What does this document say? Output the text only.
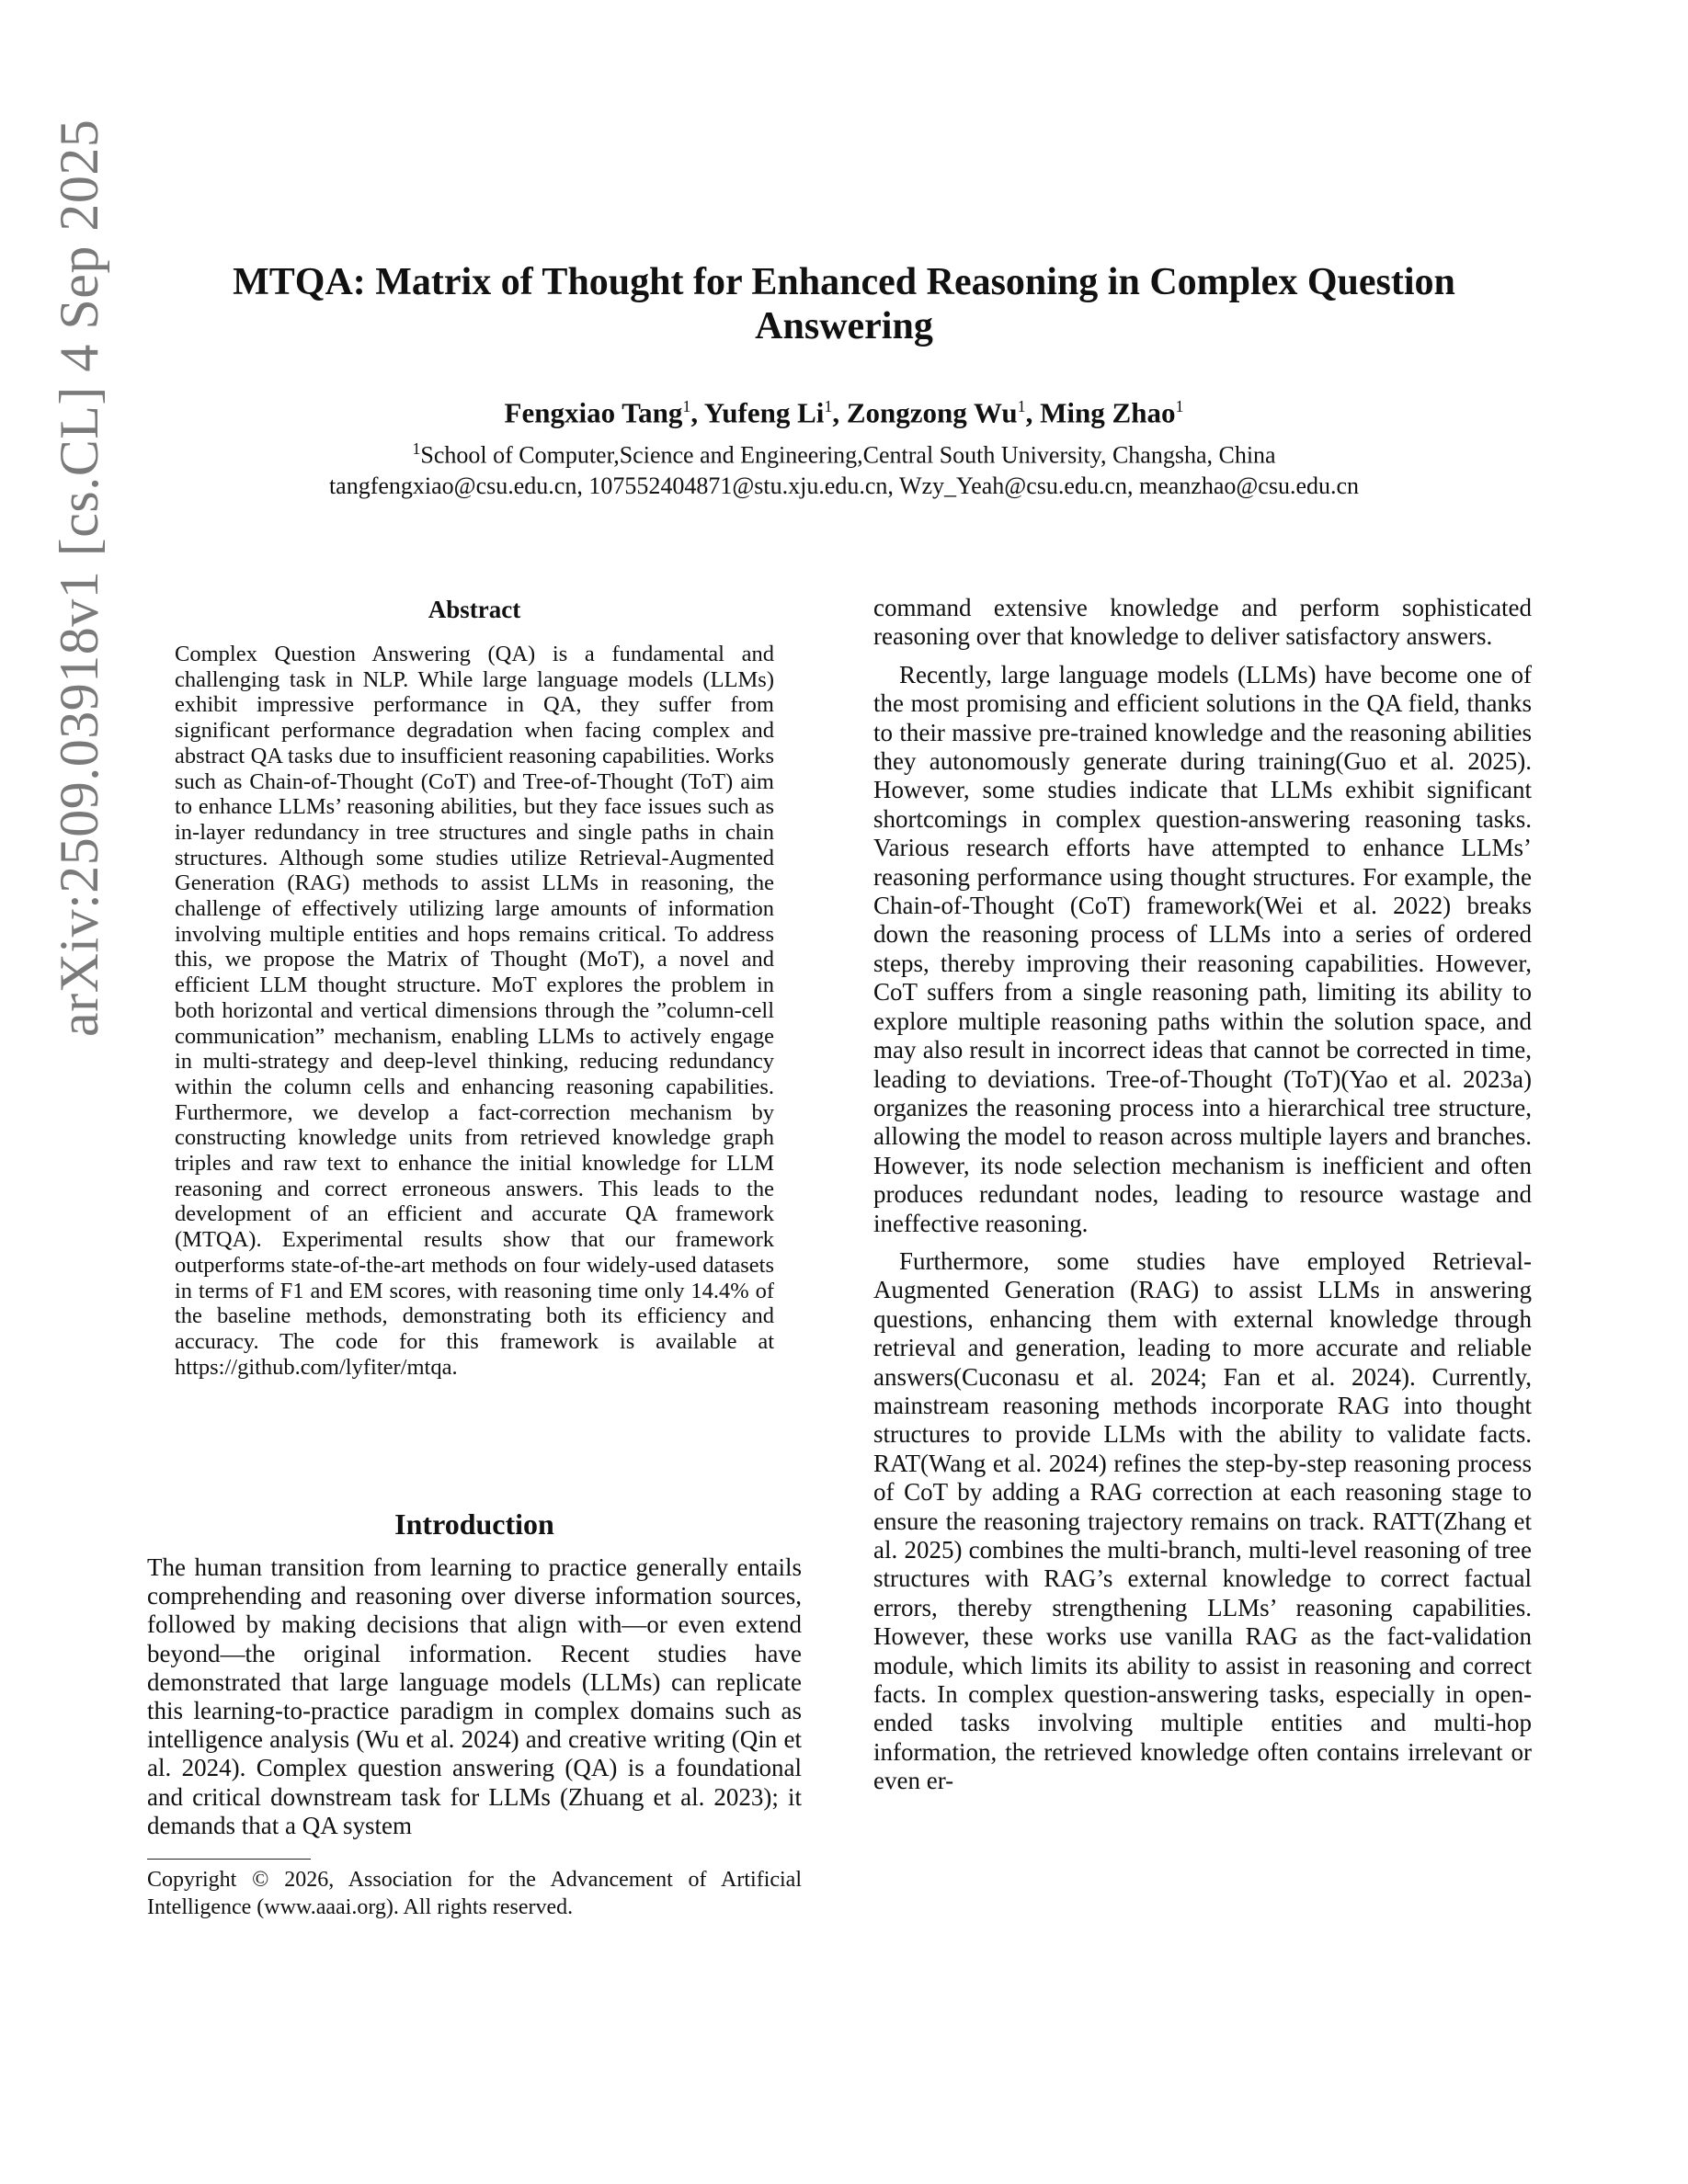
arXiv:2509.03918v1 [cs.CL] 4 Sep 2025	MTQA: Matrix of Thought for Enhanced Reasoning in Complex Question Answering
Fengxiao Tang$^1$, Yufeng Li$^1$, Zongzong Wu$^1$, Ming Zhao$^1$
$^1$School of Computer,Science and Engineering,Central South University, Changsha, China
tangfengxiao@csu.edu.cn, 107552404871@stu.xju.edu.cn, Wzy_Yeah@csu.edu.cn, meanzhao@csu.edu.cn
Abstract

Complex Question Answering (QA) is a fundamental and challenging task in NLP. While large language models (LLMs) exhibit impressive performance in QA, they suffer from significant performance degradation when facing complex and abstract QA tasks due to insufficient reasoning capabilities. Works such as Chain-of-Thought (CoT) and Tree-of-Thought (ToT) aim to enhance LLMs’ reasoning abilities, but they face issues such as in-layer redundancy in tree structures and single paths in chain structures. Although some studies utilize Retrieval-Augmented Generation (RAG) methods to assist LLMs in reasoning, the challenge of effectively utilizing large amounts of information involving multiple entities and hops remains critical. To address this, we propose the Matrix of Thought (MoT), a novel and efficient LLM thought structure. MoT explores the problem in both horizontal and vertical dimensions through the ”column-cell communication” mechanism, enabling LLMs to actively engage in multi-strategy and deep-level thinking, reducing redundancy within the column cells and enhancing reasoning capabilities. Furthermore, we develop a fact-correction mechanism by constructing knowledge units from retrieved knowledge graph triples and raw text to enhance the initial knowledge for LLM reasoning and correct erroneous answers. This leads to the development of an efficient and accurate QA framework (MTQA). Experimental results show that our framework outperforms state-of-the-art methods on four widely-used datasets in terms of F1 and EM scores, with reasoning time only 14.4% of the baseline methods, demonstrating both its efficiency and accuracy. The code for this framework is available at https://github.com/lyfiter/mtqa.

Introduction

The human transition from learning to practice generally entails comprehending and reasoning over diverse information sources, followed by making decisions that align with—or even extend beyond—the original information. Recent studies have demonstrated that large language models (LLMs) can replicate this learning-to-practice paradigm in complex domains such as intelligence analysis (Wu et al. 2024) and creative writing (Qin et al. 2024). Complex question answering (QA) is a foundational and critical downstream task for LLMs (Zhuang et al. 2023); it demands that a QA system

Copyright © 2026, Association for the Advancement of Artificial Intelligence (www.aaai.org). All rights reserved.

command extensive knowledge and perform sophisticated reasoning over that knowledge to deliver satisfactory answers.

Recently, large language models (LLMs) have become one of the most promising and efficient solutions in the QA field, thanks to their massive pre-trained knowledge and the reasoning abilities they autonomously generate during training(Guo et al. 2025). However, some studies indicate that LLMs exhibit significant shortcomings in complex question-answering reasoning tasks. Various research efforts have attempted to enhance LLMs’ reasoning performance using thought structures. For example, the Chain-of-Thought (CoT) framework(Wei et al. 2022) breaks down the reasoning process of LLMs into a series of ordered steps, thereby improving their reasoning capabilities. However, CoT suffers from a single reasoning path, limiting its ability to explore multiple reasoning paths within the solution space, and may also result in incorrect ideas that cannot be corrected in time, leading to deviations. Tree-of-Thought (ToT)(Yao et al. 2023a) organizes the reasoning process into a hierarchical tree structure, allowing the model to reason across multiple layers and branches. However, its node selection mechanism is inefficient and often produces redundant nodes, leading to resource wastage and ineffective reasoning.

Furthermore, some studies have employed Retrieval-Augmented Generation (RAG) to assist LLMs in answering questions, enhancing them with external knowledge through retrieval and generation, leading to more accurate and reliable answers(Cuconasu et al. 2024; Fan et al. 2024). Currently, mainstream reasoning methods incorporate RAG into thought structures to provide LLMs with the ability to validate facts. RAT(Wang et al. 2024) refines the step-by-step reasoning process of CoT by adding a RAG correction at each reasoning stage to ensure the reasoning trajectory remains on track. RATT(Zhang et al. 2025) combines the multi-branch, multi-level reasoning of tree structures with RAG’s external knowledge to correct factual errors, thereby strengthening LLMs’ reasoning capabilities. However, these works use vanilla RAG as the fact-validation module, which limits its ability to assist in reasoning and correct facts. In complex question-answering tasks, especially in open-ended tasks involving multiple entities and multi-hop information, the retrieved knowledge often contains irrelevant or even er-
